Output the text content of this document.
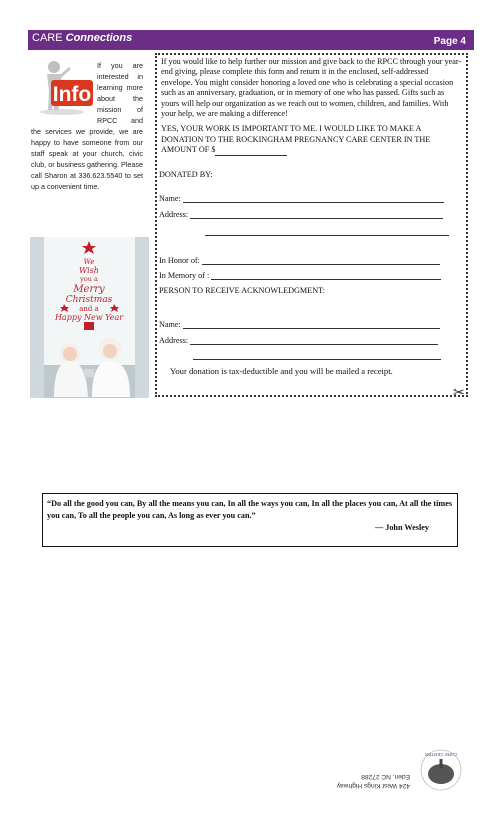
CARE Connections	Page 4
Info

If you are interested in learning more about the mission of RPCC and the services we provide, we are happy to have someone from our staff speak at your church, civic club, or business gathering. Please call Sharon at 336.623.5540 to set up a convenient time.

We
Wish
you a
Merry
Christmas
and a
Happy New Year

If you would like to help further our mission and give back to the RPCC through your year-end giving, please complete this form and return it in the enclosed, self-addressed envelope. You might consider honoring a loved one who is celebrating a special occasion such as an anniversary, graduation, or in memory of one who has passed. Gifts such as yours will help our organization as we reach out to women, children, and families. With your help, we are making a difference!

YES, YOUR WORK IS IMPORTANT TO ME. I WOULD LIKE TO MAKE A DONATION TO THE ROCKINGHAM PREGNANCY CARE CENTER IN THE AMOUNT OF $

DONATED BY:
Name:
Address:
In Honor of:
In Memory of :
PERSON TO RECEIVE ACKNOWLEDGMENT:
Name:
Address:
Your donation is tax-deductible and you will be mailed a receipt.
✂
“Do all the good you can, By all the means you can, In all the ways you can, In all the places you can, At all the times you can, To all the people you can, As long as ever you can.”
— John Wesley
424 West Kings Highway
Eden, NC 27288
CARE CENTER
